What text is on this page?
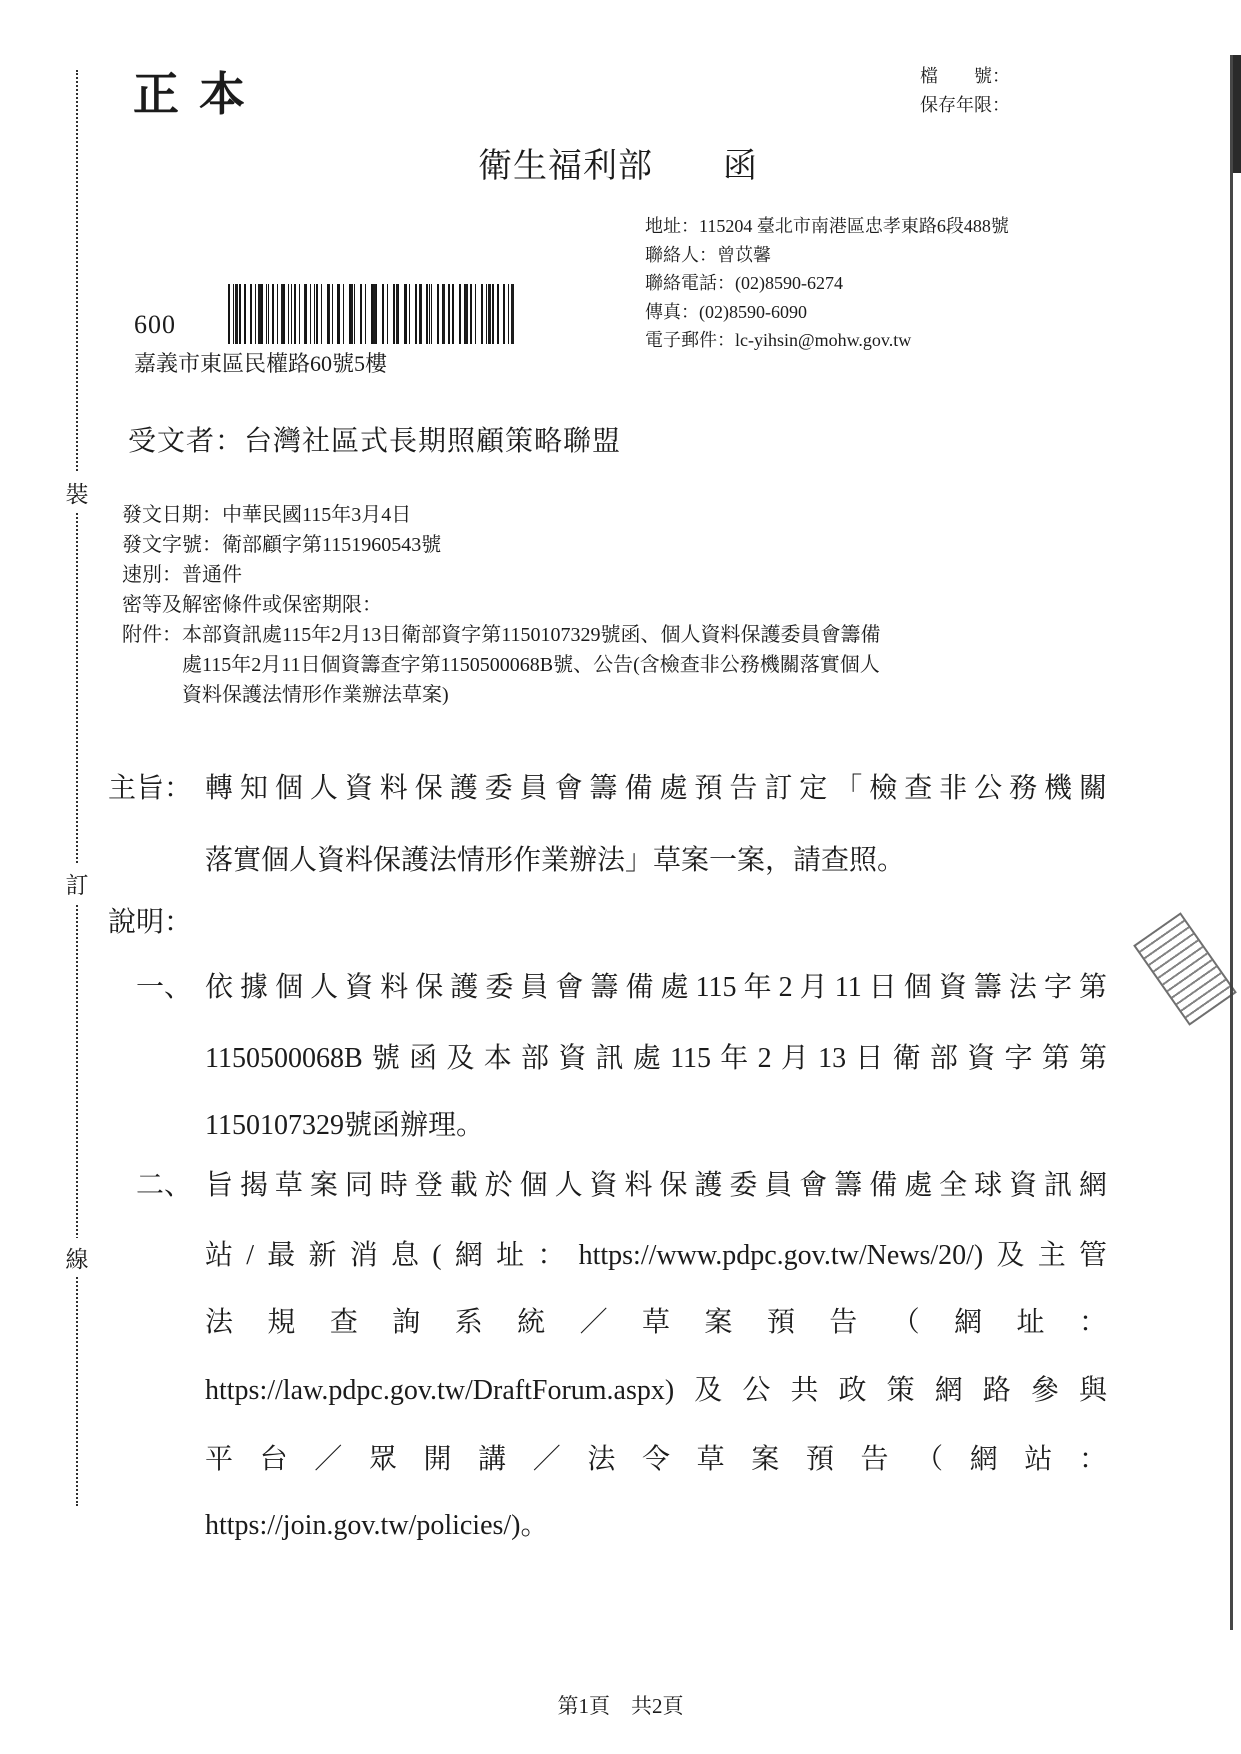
裝
訂
線
正本	檔　　號：
保存年限：
衛生福利部　　函
地址：115204 臺北市南港區忠孝東路6段488號
聯絡人：曾苡馨
聯絡電話：(02)8590-6274
傳真：(02)8590-6090
電子郵件：lc-yihsin@mohw.gov.tw
600
嘉義市東區民權路60號5樓
受文者：台灣社區式長期照顧策略聯盟
發文日期：中華民國115年3月4日
發文字號：衛部顧字第1151960543號
速別：普通件
密等及解密條件或保密期限：
附件： 本部資訊處115年2月13日衛部資字第1150107329號函、個人資料保護委員會籌備
處115年2月11日個資籌查字第1150500068B號、公告(含檢查非公務機關落實個人
資料保護法情形作業辦法草案)
主旨： 轉知個人資料保護委員會籌備處預告訂定「檢查非公務機關
落實個人資料保護法情形作業辦法」草案一案，請查照。
說明：
一、 依據個人資料保護委員會籌備處115年2月11日個資籌法字第
1150500068B號函及本部資訊處115年2月13日衛部資字第第
1150107329號函辦理。
二、 旨揭草案同時登載於個人資料保護委員會籌備處全球資訊網
站/最新消息(網址：https://www.pdpc.gov.tw/News/20/)及主管
法規查詢系統／草案預告（網址：
https://law.pdpc.gov.tw/DraftForum.aspx)及公共政策網路參與
平台／眾開講／法令草案預告（網站：
https://join.gov.tw/policies/)。
第1頁　共2頁
